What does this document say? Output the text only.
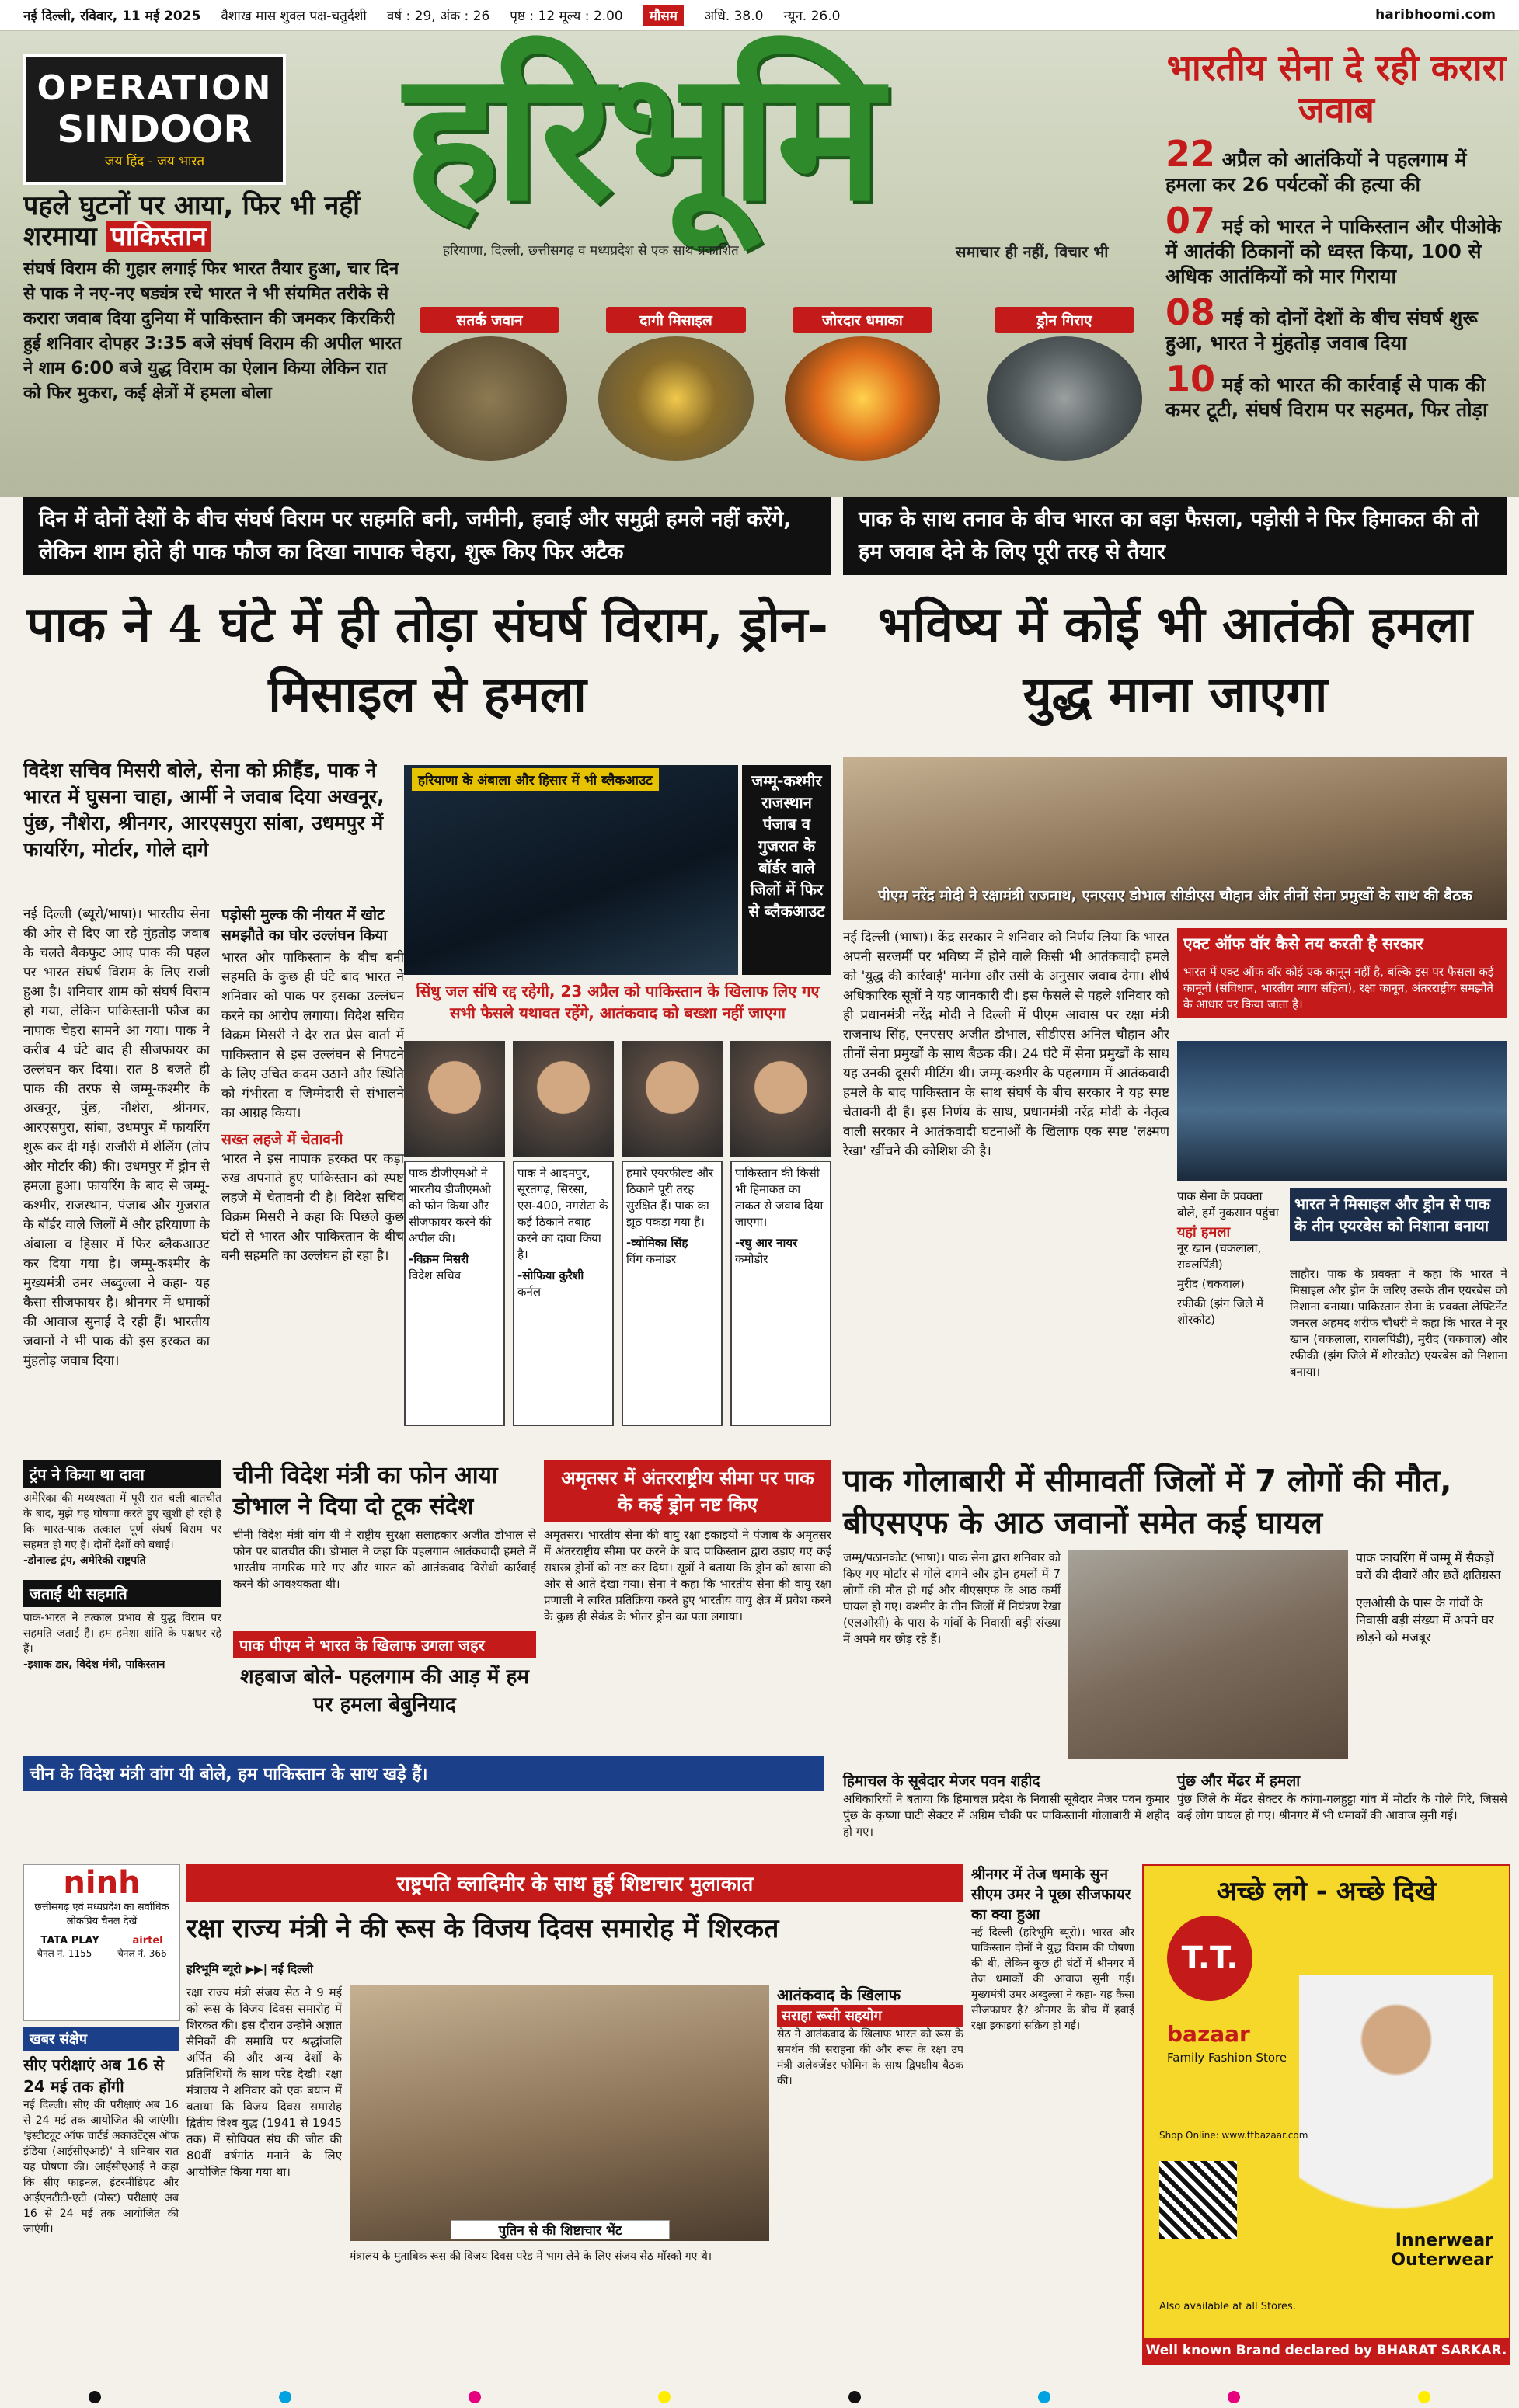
नई दिल्ली, रविवार, 11 मई 2025 वैशाख मास शुक्ल पक्ष-चतुर्दशी वर्ष : 29, अंक : 26 पृष्ठ : 12 मूल्य : 2.00	मौसम	अधि. 38.0 न्यून. 26.0	haribhoomi.com
हरिभूमि
हरियाणा, दिल्ली, छत्तीसगढ़ व मध्यप्रदेश से एक साथ प्रकाशित	समाचार ही नहीं, विचार भी
OPERATION
SINDOOR
जय हिंद - जय भारत
पहले घुटनों पर आया, फिर भी नहीं शरमाया पाकिस्तान

संघर्ष विराम की गुहार लगाई फिर भारत तैयार हुआ, चार दिन से पाक ने नए-नए षड्यंत्र रचे भारत ने भी संयमित तरीके से करारा जवाब दिया दुनिया में पाकिस्तान की जमकर किरकिरी हुई शनिवार दोपहर 3:35 बजे संघर्ष विराम की अपील भारत ने शाम 6:00 बजे युद्ध विराम का ऐलान किया लेकिन रात को फिर मुकरा, कई क्षेत्रों में हमला बोला

भारतीय सेना दे रही करारा जवाब
22 अप्रैल को आतंकियों ने पहलगाम में हमला कर 26 पर्यटकों की हत्या की
07 मई को भारत ने पाकिस्तान और पीओके में आतंकी ठिकानों को ध्वस्त किया, 100 से अधिक आतंकियों को मार गिराया
08 मई को दोनों देशों के बीच संघर्ष शुरू हुआ, भारत ने मुंहतोड़ जवाब दिया
10 मई को भारत की कार्रवाई से पाक की कमर टूटी, संघर्ष विराम पर सहमत, फिर तोड़ा
सतर्क जवान	दागी मिसाइल	जोरदार धमाका	ड्रोन गिराए
दिन में दोनों देशों के बीच संघर्ष विराम पर सहमति बनी, जमीनी, हवाई और समुद्री हमले नहीं करेंगे, लेकिन शाम होते ही पाक फौज का दिखा नापाक चेहरा, शुरू किए फिर अटैक
पाक के साथ तनाव के बीच भारत का बड़ा फैसला, पड़ोसी ने फिर हिमाकत की तो हम जवाब देने के लिए पूरी तरह से तैयार
पाक ने 4 घंटे में ही तोड़ा संघर्ष विराम, ड्रोन-मिसाइल से हमला
भविष्य में कोई भी आतंकी हमला युद्ध माना जाएगा
विदेश सचिव मिसरी बोले, सेना को फ्रीहैंड, पाक ने भारत में घुसना चाहा, आर्मी ने जवाब दिया अखनूर, पुंछ, नौशेरा, श्रीनगर, आरएसपुरा सांबा, उधमपुर में फायरिंग, मोर्टार, गोले दागे
नई दिल्ली (ब्यूरो/भाषा)। भारतीय सेना की ओर से दिए जा रहे मुंहतोड़ जवाब के चलते बैकफुट आए पाक की पहल पर भारत संघर्ष विराम के लिए राजी हुआ है। शनिवार शाम को संघर्ष विराम हो गया, लेकिन पाकिस्तानी फौज का नापाक चेहरा सामने आ गया। पाक ने करीब 4 घंटे बाद ही सीजफायर का उल्लंघन कर दिया। रात 8 बजते ही पाक की तरफ से जम्मू-कश्मीर के अखनूर, पुंछ, नौशेरा, श्रीनगर, आरएसपुरा, सांबा, उधमपुर में फायरिंग शुरू कर दी गई। राजौरी में शेलिंग (तोप और मोर्टार की) की। उधमपुर में ड्रोन से हमला हुआ। फायरिंग के बाद से जम्मू-कश्मीर, राजस्थान, पंजाब और गुजरात के बॉर्डर वाले जिलों में और हरियाणा के अंबाला व हिसार में फिर ब्लैकआउट कर दिया गया है। जम्मू-कश्मीर के मुख्यमंत्री उमर अब्दुल्ला ने कहा- यह कैसा सीजफायर है। श्रीनगर में धमाकों की आवाज सुनाई दे रही हैं। भारतीय जवानों ने भी पाक की इस हरकत का मुंहतोड़ जवाब दिया।
पड़ोसी मुल्क की नीयत में खोट समझौते का घोर उल्लंघन किया
भारत और पाकिस्तान के बीच बनी सहमति के कुछ ही घंटे बाद भारत ने शनिवार को पाक पर इसका उल्लंघन करने का आरोप लगाया। विदेश सचिव विक्रम मिसरी ने देर रात प्रेस वार्ता में पाकिस्तान से इस उल्लंघन से निपटने के लिए उचित कदम उठाने और स्थिति को गंभीरता व जिम्मेदारी से संभालने का आग्रह किया।
सख्त लहजे में चेतावनी
भारत ने इस नापाक हरकत पर कड़ा रुख अपनाते हुए पाकिस्तान को स्पष्ट लहजे में चेतावनी दी है। विदेश सचिव विक्रम मिसरी ने कहा कि पिछले कुछ घंटों से भारत और पाकिस्तान के बीच बनी सहमति का उल्लंघन हो रहा है।
हरियाणा के अंबाला और हिसार में भी ब्लैकआउट	जम्मू-कश्मीर राजस्थान पंजाब व गुजरात के बॉर्डर वाले जिलों में फिर से ब्लैकआउट
सिंधु जल संधि रद्द रहेगी, 23 अप्रैल को पाकिस्तान के खिलाफ लिए गए सभी फैसले यथावत रहेंगे, आतंकवाद को बख्शा नहीं जाएगा
पाक डीजीएमओ ने भारतीय डीजीएमओ को फोन किया और सीजफायर करने की अपील की।
-विक्रम मिसरी
विदेश सचिव
पाक ने आदमपुर, सूरतगढ़, सिरसा, एस-400, नगरोटा के कई ठिकाने तबाह करने का दावा किया है।
-सोफिया कुरैशी
कर्नल
हमारे एयरफील्ड और ठिकाने पूरी तरह सुरक्षित हैं। पाक का झूठ पकड़ा गया है।
-व्योमिका सिंह
विंग कमांडर
पाकिस्तान की किसी भी हिमाकत का ताकत से जवाब दिया जाएगा।
-रघु आर नायर
कमोडोर
पीएम नरेंद्र मोदी ने रक्षामंत्री राजनाथ, एनएसए डोभाल सीडीएस चौहान और तीनों सेना प्रमुखों के साथ की बैठक
नई दिल्ली (भाषा)। केंद्र सरकार ने शनिवार को निर्णय लिया कि भारत अपनी सरजमीं पर भविष्य में होने वाले किसी भी आतंकवादी हमले को 'युद्ध की कार्रवाई' मानेगा और उसी के अनुसार जवाब देगा। शीर्ष अधिकारिक सूत्रों ने यह जानकारी दी। इस फैसले से पहले शनिवार को ही प्रधानमंत्री नरेंद्र मोदी ने दिल्ली में पीएम आवास पर रक्षा मंत्री राजनाथ सिंह, एनएसए अजीत डोभाल, सीडीएस अनिल चौहान और तीनों सेना प्रमुखों के साथ बैठक की। 24 घंटे में सेना प्रमुखों के साथ यह उनकी दूसरी मीटिंग थी। जम्मू-कश्मीर के पहलगाम में आतंकवादी हमले के बाद पाकिस्तान के साथ संघर्ष के बीच सरकार ने यह स्पष्ट चेतावनी दी है। इस निर्णय के साथ, प्रधानमंत्री नरेंद्र मोदी के नेतृत्व वाली सरकार ने आतंकवादी घटनाओं के खिलाफ एक स्पष्ट 'लक्ष्मण रेखा' खींचने की कोशिश की है।
एक्ट ऑफ वॉर कैसे तय करती है सरकार
भारत में एक्ट ऑफ वॉर कोई एक कानून नहीं है, बल्कि इस पर फैसला कई कानूनों (संविधान, भारतीय न्याय संहिता), रक्षा कानून, अंतरराष्ट्रीय समझौते के आधार पर किया जाता है।
पाक सेना के प्रवक्ता बोले, हमें नुकसान पहुंचा
यहां हमला
नूर खान (चकलाला, रावलपिंडी)
मुरीद (चकवाल)
रफीकी (झंग जिले में शोरकोट)
भारत ने मिसाइल और ड्रोन से पाक के तीन एयरबेस को निशाना बनाया
लाहौर। पाक के प्रवक्ता ने कहा कि भारत ने मिसाइल और ड्रोन के जरिए उसके तीन एयरबेस को निशाना बनाया। पाकिस्तान सेना के प्रवक्ता लेफ्टिनेंट जनरल अहमद शरीफ चौधरी ने कहा कि भारत ने नूर खान (चकलाला, रावलपिंडी), मुरीद (चकवाल) और रफीकी (झंग जिले में शोरकोट) एयरबेस को निशाना बनाया।
ट्रंप ने किया था दावा
अमेरिका की मध्यस्थता में पूरी रात चली बातचीत के बाद, मुझे यह घोषणा करते हुए खुशी हो रही है कि भारत-पाक तत्काल पूर्ण संघर्ष विराम पर सहमत हो गए हैं। दोनों देशों को बधाई।
-डोनाल्ड ट्रंप, अमेरिकी राष्ट्रपति
जताई थी सहमति
पाक-भारत ने तत्काल प्रभाव से युद्ध विराम पर सहमति जताई है। हम हमेशा शांति के पक्षधर रहे हैं।
-इशाक डार, विदेश मंत्री, पाकिस्तान
चीन के विदेश मंत्री वांग यी बोले, हम पाकिस्तान के साथ खड़े हैं।
चीनी विदेश मंत्री का फोन आया डोभाल ने दिया दो टूक संदेश
चीनी विदेश मंत्री वांग यी ने राष्ट्रीय सुरक्षा सलाहकार अजीत डोभाल से फोन पर बातचीत की। डोभाल ने कहा कि पहलगाम आतंकवादी हमले में भारतीय नागरिक मारे गए और भारत को आतंकवाद विरोधी कार्रवाई करने की आवश्यकता थी।
पाक पीएम ने भारत के खिलाफ उगला जहर
शहबाज बोले- पहलगाम की आड़ में हम पर हमला बेबुनियाद
अमृतसर में अंतरराष्ट्रीय सीमा पर पाक के कई ड्रोन नष्ट किए
अमृतसर। भारतीय सेना की वायु रक्षा इकाइयों ने पंजाब के अमृतसर में अंतरराष्ट्रीय सीमा पर करने के बाद पाकिस्तान द्वारा उड़ाए गए कई सशस्त्र ड्रोनों को नष्ट कर दिया। सूत्रों ने बताया कि ड्रोन को खासा की ओर से आते देखा गया। सेना ने कहा कि भारतीय सेना की वायु रक्षा प्रणाली ने त्वरित प्रतिक्रिया करते हुए भारतीय वायु क्षेत्र में प्रवेश करने के कुछ ही सेकंड के भीतर ड्रोन का पता लगाया।
पाक गोलाबारी में सीमावर्ती जिलों में 7 लोगों की मौत, बीएसएफ के आठ जवानों समेत कई घायल
जम्मू/पठानकोट (भाषा)। पाक सेना द्वारा शनिवार को किए गए मोर्टार से गोले दागने और ड्रोन हमलों में 7 लोगों की मौत हो गई और बीएसएफ के आठ कर्मी घायल हो गए। कश्मीर के तीन जिलों में नियंत्रण रेखा (एलओसी) के पास के गांवों के निवासी बड़ी संख्या में अपने घर छोड़ रहे हैं।
पाक फायरिंग में जम्मू में सैकड़ों घरों की दीवारें और छतें क्षतिग्रस्त
एलओसी के पास के गांवों के निवासी बड़ी संख्या में अपने घर छोड़ने को मजबूर
हिमाचल के सूबेदार मेजर पवन शहीद
अधिकारियों ने बताया कि हिमाचल प्रदेश के निवासी सूबेदार मेजर पवन कुमार पुंछ के कृष्णा घाटी सेक्टर में अग्रिम चौकी पर पाकिस्तानी गोलाबारी में शहीद हो गए।
पुंछ और मेंढर में हमला
पुंछ जिले के मेंढर सेक्टर के कांगा-गलहुट्टा गांव में मोर्टार के गोले गिरे, जिससे कई लोग घायल हो गए। श्रीनगर में भी धमाकों की आवाज सुनी गई।
ninh
छत्तीसगढ़ एवं मध्यप्रदेश का सर्वाधिक लोकप्रिय चैनल देखें
TATA PLAY	airtel
चैनल नं. 1155	चैनल नं. 366
खबर संक्षेप
सीए परीक्षाएं अब 16 से 24 मई तक होंगी
नई दिल्ली। सीए की परीक्षाएं अब 16 से 24 मई तक आयोजित की जाएंगी। 'इंस्टीट्यूट ऑफ चार्टर्ड अकाउंटेंट्स ऑफ इंडिया (आईसीएआई)' ने शनिवार रात यह घोषणा की। आईसीएआई ने कहा कि सीए फाइनल, इंटरमीडिएट और आईएनटीटी-एटी (पोस्ट) परीक्षाएं अब 16 से 24 मई तक आयोजित की जाएंगी।
राष्ट्रपति व्लादिमीर के साथ हुई शिष्टाचार मुलाकात
रक्षा राज्य मंत्री ने की रूस के विजय दिवस समारोह में शिरकत
हरिभूमि ब्यूरो ▶▶| नई दिल्ली
रक्षा राज्य मंत्री संजय सेठ ने 9 मई को रूस के विजय दिवस समारोह में शिरकत की। इस दौरान उन्होंने अज्ञात सैनिकों की समाधि पर श्रद्धांजलि अर्पित की और अन्य देशों के प्रतिनिधियों के साथ परेड देखी। रक्षा मंत्रालय ने शनिवार को एक बयान में बताया कि विजय दिवस समारोह द्वितीय विश्व युद्ध (1941 से 1945 तक) में सोवियत संघ की जीत की 80वीं वर्षगांठ मनाने के लिए आयोजित किया गया था।
पुतिन से की शिष्टाचार भेंट
मंत्रालय के मुताबिक रूस की विजय दिवस परेड में भाग लेने के लिए संजय सेठ मॉस्को गए थे।
आतंकवाद के खिलाफ
सराहा रूसी सहयोग
सेठ ने आतंकवाद के खिलाफ भारत को रूस के समर्थन की सराहना की और रूस के रक्षा उप मंत्री अलेक्जेंडर फोमिन के साथ द्विपक्षीय बैठक की।
श्रीनगर में तेज धमाके सुन सीएम उमर ने पूछा सीजफायर का क्या हुआ
नई दिल्ली (हरिभूमि ब्यूरो)। भारत और पाकिस्तान दोनों ने युद्ध विराम की घोषणा की थी, लेकिन कुछ ही घंटों में श्रीनगर में तेज धमाकों की आवाज सुनी गई। मुख्यमंत्री उमर अब्दुल्ला ने कहा- यह कैसा सीजफायर है? श्रीनगर के बीच में हवाई रक्षा इकाइयां सक्रिय हो गईं।
अच्छे लगे - अच्छे दिखे
T.T.
bazaar
Family Fashion Store
Shop Online: www.ttbazaar.com
Innerwear
Outerwear
Also available at all Stores.
Well known Brand declared by BHARAT SARKAR.
